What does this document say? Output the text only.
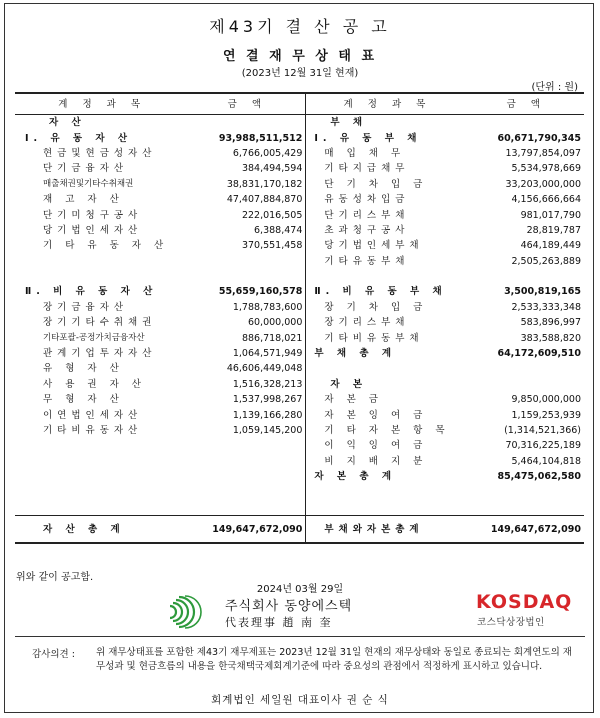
제43기 결 산 공 고
연 결 재 무 상 태 표
(2023년 12월 31일 현재)
(단위 : 원)
계 정 과 목	금 액	계 정 과 목	금 액
자 산		부 채	
Ⅰ. 유 동 자 산	93,988,511,512	Ⅰ. 유 동 부 채	60,671,790,345
현금및현금성자산	6,766,005,429	매 입 채 무	13,797,854,097
단기금융자산	384,494,594	기타지급채무	5,534,978,669
매출채권및기타수취채권	38,831,170,182	단 기 차 입 금	33,203,000,000
재 고 자 산	47,407,884,870	유동성차입금	4,156,666,664
단기미청구공사	222,016,505	단기리스부채	981,017,790
당기법인세자산	6,388,474	초과청구공사	28,819,787
기 타 유 동 자 산	370,551,458	당기법인세부채	464,189,449
		기타유동부채	2,505,263,889

Ⅱ. 비 유 동 자 산	55,659,160,578	Ⅱ. 비 유 동 부 채	3,500,819,165
장기금융자산	1,788,783,600	장 기 차 입 금	2,533,333,348
장기기타수취채권	60,000,000	장기리스부채	583,896,997
기타포괄-공정가치금융자산	886,718,021	기타비유동부채	383,588,820
관계기업투자자산	1,064,571,949	부 채 총 계	64,172,609,510
유 형 자 산	46,606,449,048		
사 용 권 자 산	1,516,328,213	자 본	
무 형 자 산	1,537,998,267	자 본 금	9,850,000,000
이연법인세자산	1,139,166,280	자 본 잉 여 금	1,159,253,939
기타비유동자산	1,059,145,200	기 타 자 본 항 목	(1,314,521,366)
		이 익 잉 여 금	70,316,225,189
		비 지 배 지 분	5,464,104,818
		자 본 총 계	85,475,062,580

자 산 총 계	149,647,672,090	부채와자본총계	149,647,672,090
위와 같이 공고함.
2024년 03월 29일
주식회사 동양에스텍
代表理事 趙 南 奎
KOSDAQ
코스닥상장법인
감사의견 : 위 재무상태표를 포함한 제43기 재무제표는 2023년 12월 31일 현재의 재무상태와 동일로 종료되는 회계연도의 재무성과 및 현금흐름의 내용을 한국채택국제회계기준에 따라 중요성의 관점에서 적정하게 표시하고 있습니다.
회계법인 세일원 대표이사 권 순 식
